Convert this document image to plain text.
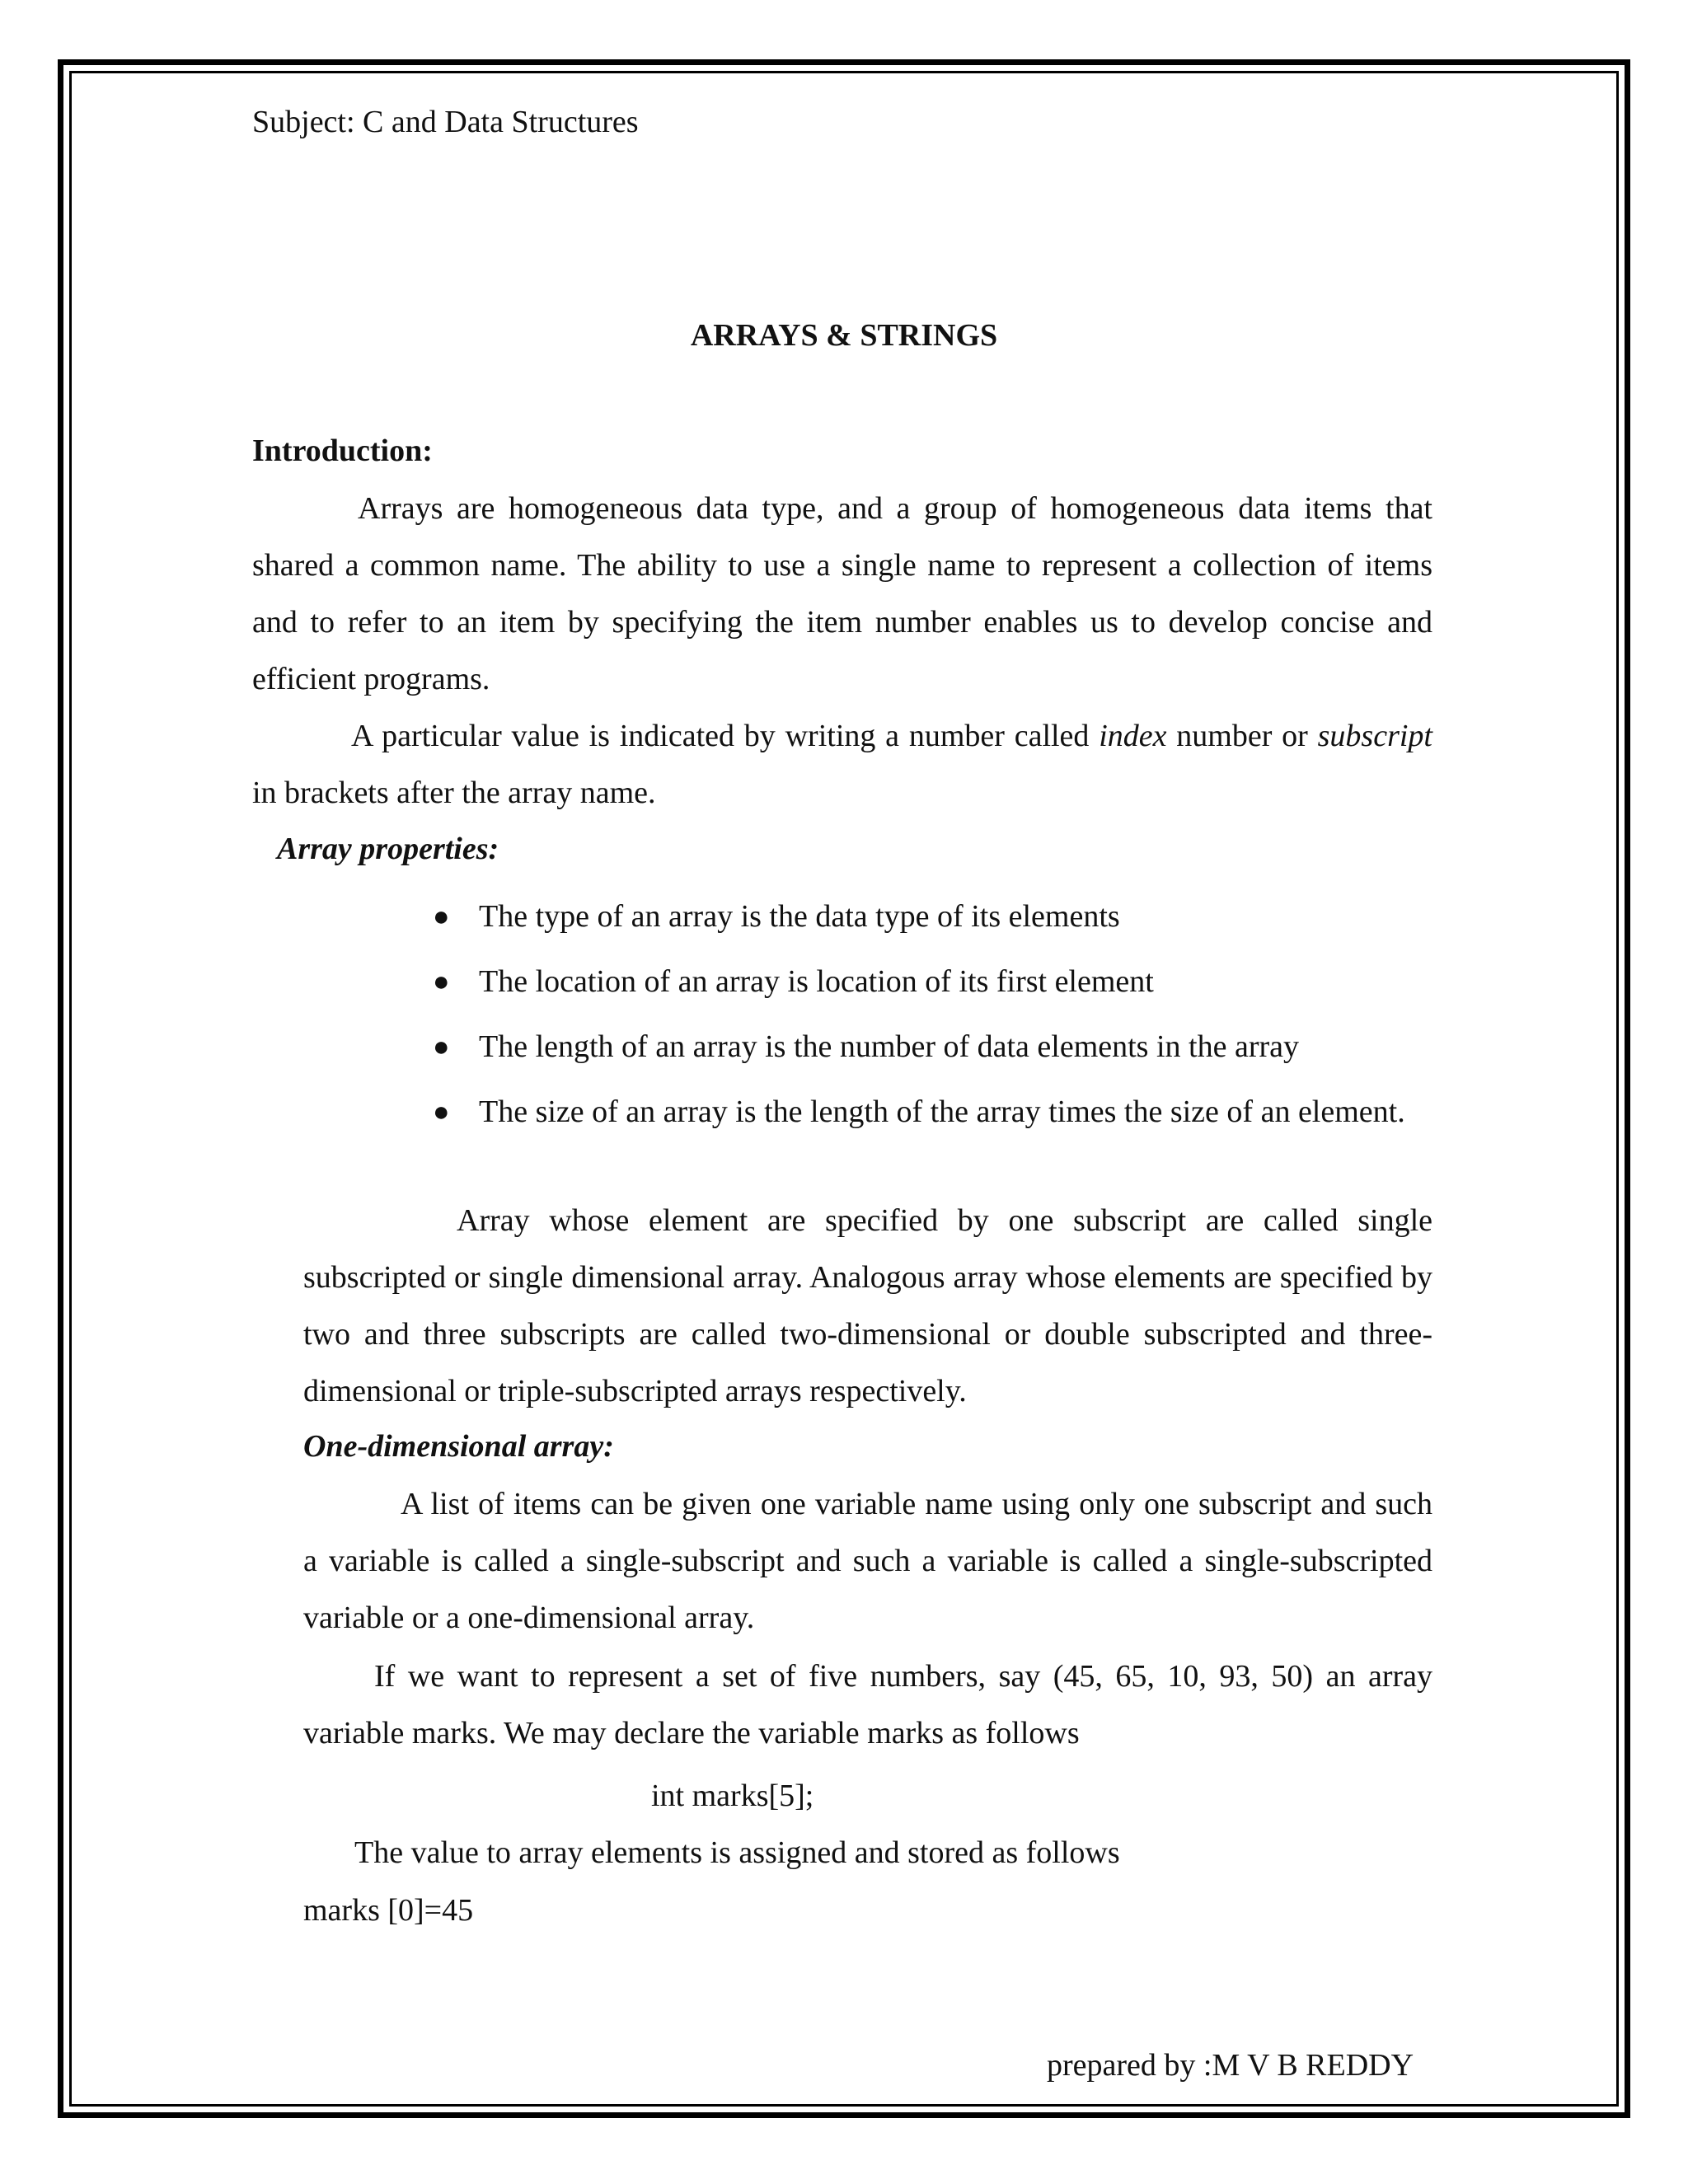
Subject: C and Data Structures
ARRAYS & STRINGS
Introduction:
Arrays are homogeneous data type, and a group of homogeneous data items that shared a common name. The ability to use a single name to represent a collection of items and to refer to an item by specifying the item number enables us to develop concise and efficient programs.
A particular value is indicated by writing a number called index number or subscript in brackets after the array name.
Array properties:
● The type of an array is the data type of its elements
● The location of an array is location of its first element
● The length of an array is the number of data elements in the array
● The size of an array is the length of the array times the size of an element.
Array whose element are specified by one subscript are called single subscripted or single dimensional array. Analogous array whose elements are specified by two and three subscripts are called two-dimensional or double subscripted and three-dimensional or triple-subscripted arrays respectively.
One-dimensional array:
A list of items can be given one variable name using only one subscript and such a variable is called a single-subscript and such a variable is called a single-subscripted variable or a one-dimensional array.
If we want to represent a set of five numbers, say (45, 65, 10, 93, 50) an array variable marks. We may declare the variable marks as follows
int marks[5];
The value to array elements is assigned and stored as follows
marks [0]=45
prepared by :M V B REDDY
